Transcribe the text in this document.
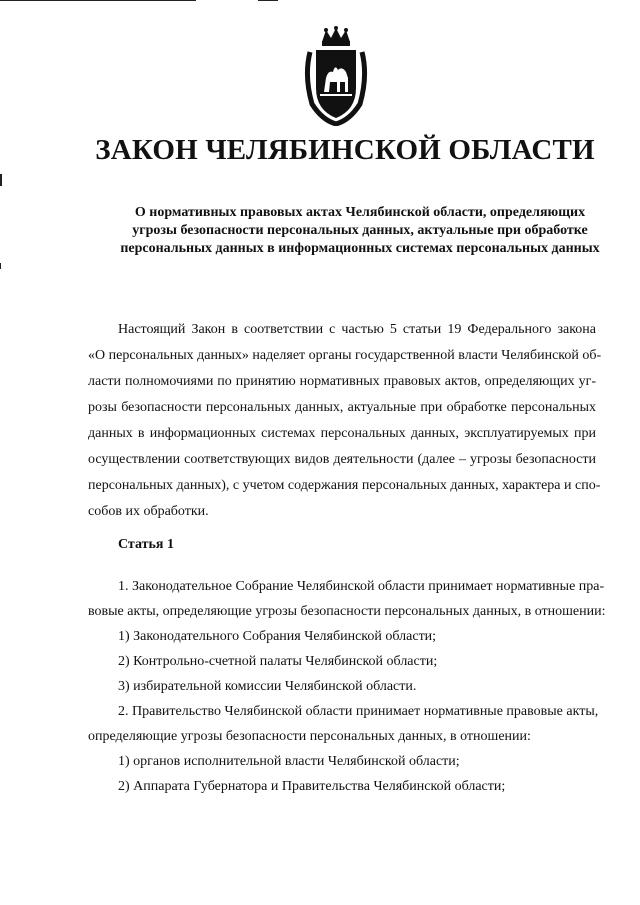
ЗАКОН ЧЕЛЯБИНСКОЙ ОБЛАСТИ
О нормативных правовых актах Челябинской области, определяющих
угрозы безопасности персональных данных, актуальные при обработке
персональных данных в информационных системах персональных данных
Настоящий Закон в соответствии с частью 5 статьи 19 Федерального закона
«О персональных данных» наделяет органы государственной власти Челябинской об-
ласти полномочиями по принятию нормативных правовых актов, определяющих уг-
розы безопасности персональных данных, актуальные при обработке персональных
данных в информационных системах персональных данных, эксплуатируемых при
осуществлении соответствующих видов деятельности (далее – угрозы безопасности
персональных данных), с учетом содержания персональных данных, характера и спо-
собов их обработки.
Статья 1
1. Законодательное Собрание Челябинской области принимает нормативные пра-
вовые акты, определяющие угрозы безопасности персональных данных, в отношении:
1) Законодательного Собрания Челябинской области;
2) Контрольно-счетной палаты Челябинской области;
3) избирательной комиссии Челябинской области.
2. Правительство Челябинской области принимает нормативные правовые акты,
определяющие угрозы безопасности персональных данных, в отношении:
1) органов исполнительной власти Челябинской области;
2) Аппарата Губернатора и Правительства Челябинской области;
